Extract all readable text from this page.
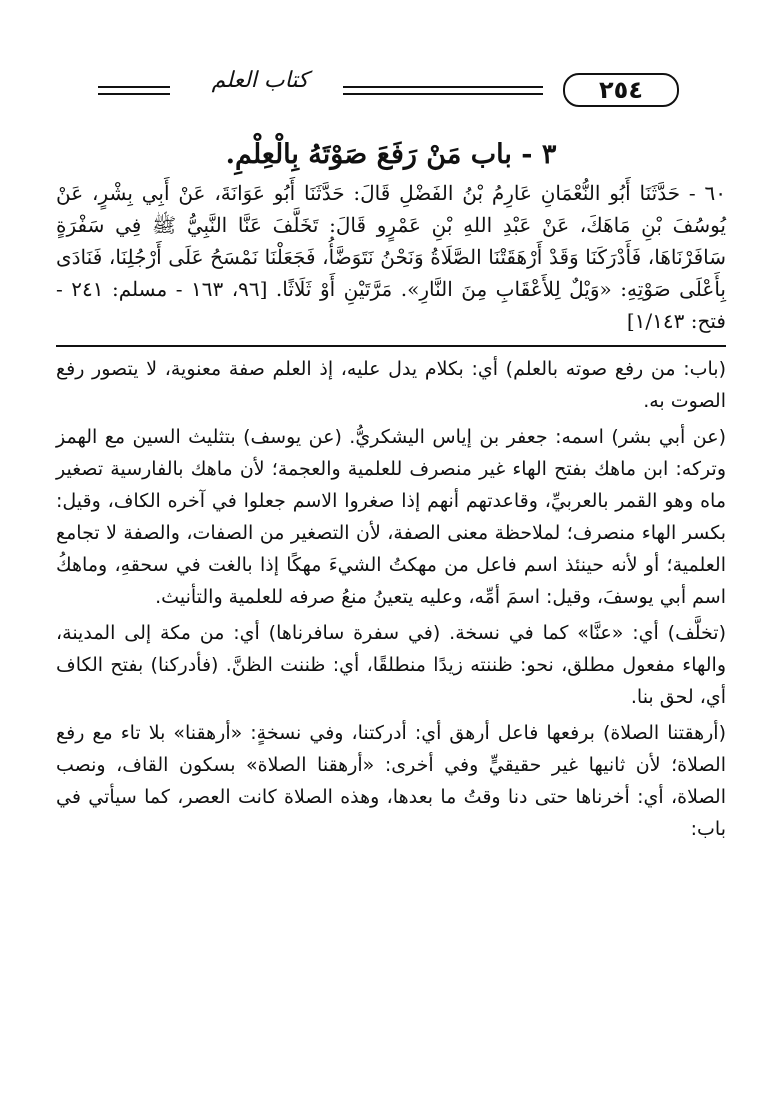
كتاب العلم	٢٥٤
٣ - باب مَنْ رَفَعَ صَوْتَهُ بِالْعِلْمِ.

٦٠ - حَدَّثَنَا أَبُو النُّعْمَانِ عَارِمُ بْنُ الفَضْلِ قَالَ: حَدَّثَنَا أَبُو عَوَانَةَ، عَنْ أَبِي بِشْرٍ، عَنْ يُوسُفَ بْنِ مَاهَكَ، عَنْ عَبْدِ اللهِ بْنِ عَمْرٍو قَالَ: تَخَلَّفَ عَنَّا النَّبِيُّ ﷺ فِي سَفْرَةٍ سَافَرْنَاهَا، فَأَدْرَكَنَا وَقَدْ أَرْهَقَتْنَا الصَّلَاةُ وَنَحْنُ نَتَوَضَّأُ، فَجَعَلْنَا نَمْسَحُ عَلَى أَرْجُلِنَا، فَنَادَى بِأَعْلَى صَوْتِهِ: «وَيْلٌ لِلأَعْقَابِ مِنَ النَّارِ». مَرَّتَيْنِ أَوْ ثَلَاثًا. [٩٦، ١٦٣ - مسلم: ٢٤١ - فتح: ١/١٤٣]

(باب: من رفع صوته بالعلم) أي: بكلام يدل عليه، إذ العلم صفة معنوية، لا يتصور رفع الصوت به.

(عن أبي بشر) اسمه: جعفر بن إياس اليشكريُّ. (عن يوسف) بتثليث السين مع الهمز وتركه: ابن ماهك بفتح الهاء غير منصرف للعلمية والعجمة؛ لأن ماهك بالفارسية تصغير ماه وهو القمر بالعربيِّ، وقاعدتهم أنهم إذا صغروا الاسم جعلوا في آخره الكاف، وقيل: بكسر الهاء منصرف؛ لملاحظة معنى الصفة، لأن التصغير من الصفات، والصفة لا تجامع العلمية؛ أو لأنه حينئذ اسم فاعل من مهكتُ الشيءَ مهكًا إذا بالغت في سحقهِ، وماهكُ اسم أبي يوسفَ، وقيل: اسمَ أمِّه، وعليه يتعينُ منعُ صرفه للعلمية والتأنيث.

(تخلَّف) أي: «عنَّا» كما في نسخة. (في سفرة سافرناها) أي: من مكة إلى المدينة، والهاء مفعول مطلق، نحو: ظننته زيدًا منطلقًا، أي: ظننت الظنَّ. (فأدركنا) بفتح الكاف أي، لحق بنا.

(أرهقتنا الصلاة) برفعها فاعل أرهق أي: أدركتنا، وفي نسخةٍ: «أرهقنا» بلا تاء مع رفع الصلاة؛ لأن ثانيها غير حقيقيٍّ وفي أخرى: «أرهقنا الصلاة» بسكون القاف، ونصب الصلاة، أي: أخرناها حتى دنا وقتُ ما بعدها، وهذه الصلاة كانت العصر، كما سيأتي في باب:
